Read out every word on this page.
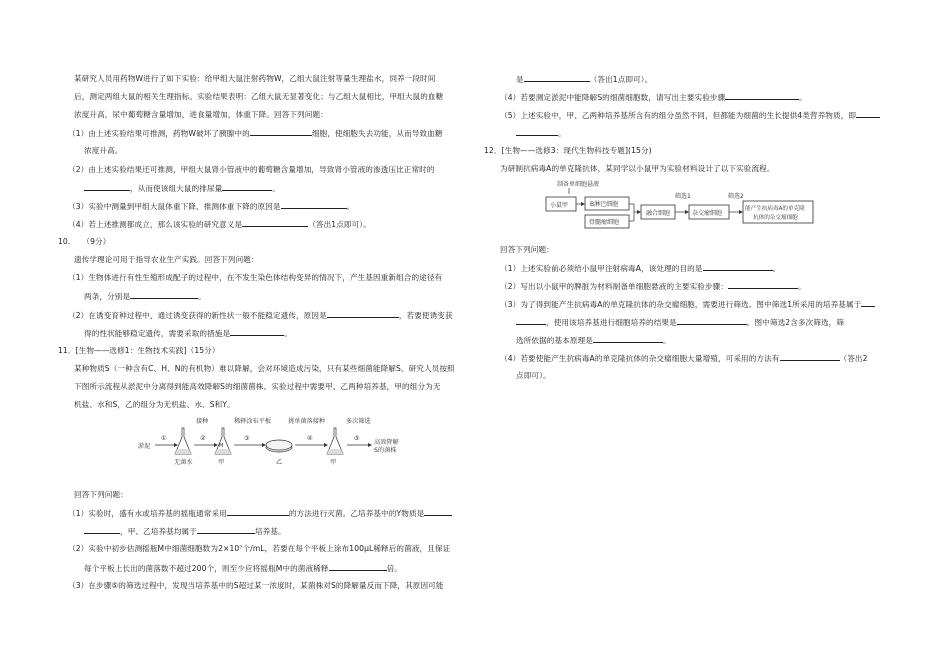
某研究人员用药物W进行了如下实验：给甲组大鼠注射药物W，乙组大鼠注射等量生理盐水，饲养一段时间
后，测定两组大鼠的相关生理指标。实验结果表明：乙组大鼠无显著变化；与乙组大鼠相比，甲组大鼠的血糖
浓度升高，尿中葡萄糖含量增加，进食量增加，体重下降。回答下列问题：
（1）由上述实验结果可推测，药物W破坏了胰腺中的	细胞，使细胞失去功能，从而导致血糖
浓度升高。
（2）由上述实验结果还可推测，甲组大鼠肾小管液中的葡萄糖含量增加，导致肾小管液的渗透压比正常时的
，从而使该组大鼠的排尿量	。
（3）实验中测量到甲组大鼠体重下降，推测体重下降的原因是	。
（4）若上述推测都成立，那么该实验的研究意义是	（答出1点即可）。
10. （9分）
遗传学理论可用于指导农业生产实践。回答下列问题：
（1）生物体进行有性生殖形成配子的过程中，在不发生染色体结构变异的情况下，产生基因重新组合的途径有
两条，分别是	。
（2）在诱变育种过程中，通过诱变获得的新性状一般不能稳定遗传，原因是	，若要使诱变获
得的性状能够稳定遗传，需要采取的措施是	。
11．[生物——选修1：生物技术实践]（15分）
某种物质S（一种含有C、H、N的有机物）难以降解，会对环境造成污染，只有某些细菌能降解S。研究人员按照
下图所示流程从淤泥中分离得到能高效降解S的细菌菌株。实验过程中需要甲、乙两种培养基，甲的组分为无
机盐、水和S，乙的组分为无机盐、水、S和Y。
淤泥
①
无菌水
接种
②
M
甲
稀释涂布平板
③
乙
挑单菌落接种
④
甲
多次筛选
⑤
高效降解
S的菌株
回答下列问题：
（1）实验时，盛有水或培养基的摇瓶通常采用	的方法进行灭菌。乙培养基中的Y物质是
，甲、乙培养基均属于	培养基。
（2）实验中初步估测摇瓶M中细菌细胞数为2×10⁷个/mL，若要在每个平板上涂布100μL稀释后的菌液，且保证
每个平板上长出的菌落数不超过200个，则至少应将摇瓶M中的菌液稀释	倍。
（3）在步骤⑤的筛选过程中，发现当培养基中的S超过某一浓度时，某菌株对S的降解量反而下降，其原因可能
是	（答出1点即可）。
（4）若要测定淤泥中能降解S的细菌细胞数，请写出主要实验步骤	。
（5）上述实验中，甲、乙两种培养基所含有的组分虽然不同，但都能为细菌的生长提供4类营养物质，即
。
12．[生物——选修3：现代生物科技专题](15分)
为研制抗病毒A的单克隆抗体，某同学以小鼠甲为实验材料设计了以下实验流程。
制备单细胞悬液
小鼠甲	B淋巴细胞
骨髓瘤细胞
融合细胞
筛选1
杂交瘤细胞
筛选2
能产生抗病毒A的单克隆
抗体的杂交瘤细胞
回答下列问题：
（1）上述实验前必须给小鼠甲注射病毒A，该处理的目的是	。
（2）写出以小鼠甲的脾脏为材料制备单细胞悬液的主要实验步骤：	。
（3）为了得到能产生抗病毒A的单克隆抗体的杂交瘤细胞，需要进行筛选。图中筛选1所采用的培养基属于
，使用该培养基进行细胞培养的结果是	。图中筛选2含多次筛选，筛
选所依据的基本原理是	。
（4）若要使能产生抗病毒A的单克隆抗体的杂交瘤细胞大量增殖，可采用的方法有	（答出2
点即可）。
